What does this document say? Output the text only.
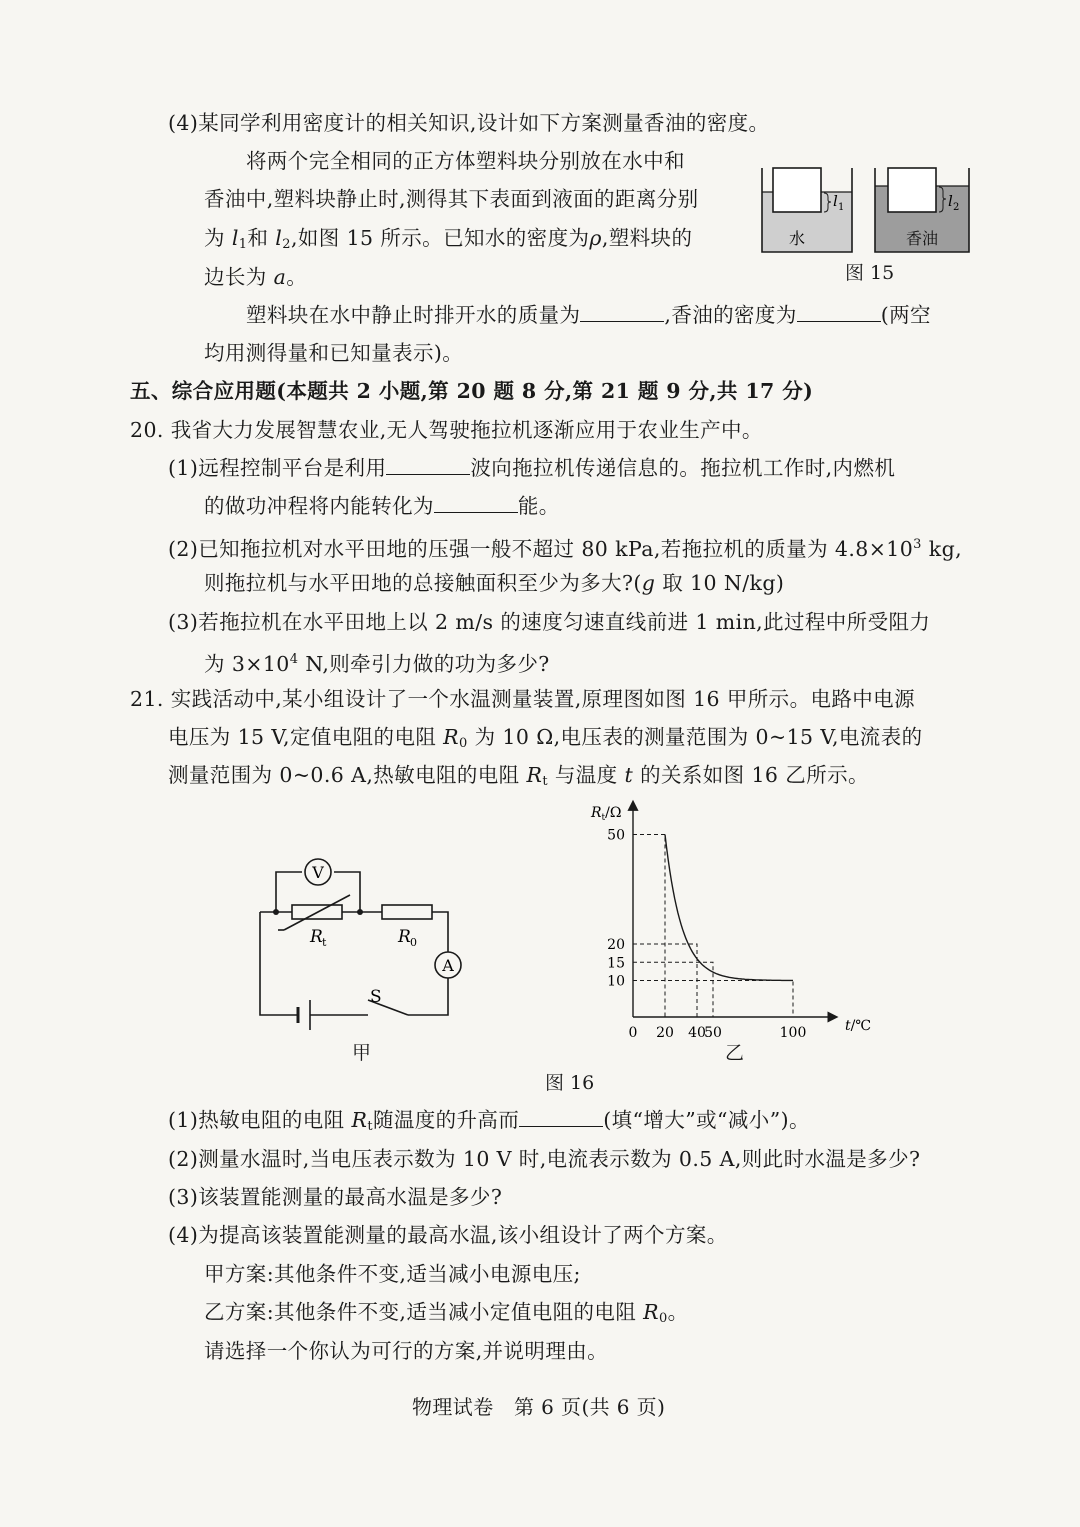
(4)某同学利用密度计的相关知识,设计如下方案测量香油的密度。
将两个完全相同的正方体塑料块分别放在水中和
香油中,塑料块静止时,测得其下表面到液面的距离分别
为 $l_1$和 $l_2$,如图 15 所示。已知水的密度为ρ,塑料块的
边长为 a。
l 1
水
l 2
香油
图 15
塑料块在水中静止时排开水的质量为	,香油的密度为	(两空
均用测得量和已知量表示)。
五、综合应用题(本题共 2 小题,第 20 题 8 分,第 21 题 9 分,共 17 分)
20. 我省大力发展智慧农业,无人驾驶拖拉机逐渐应用于农业生产中。
(1)远程控制平台是利用	波向拖拉机传递信息的。拖拉机工作时,内燃机
的做功冲程将内能转化为	能。
(2)已知拖拉机对水平田地的压强一般不超过 80 kPa,若拖拉机的质量为 $4.8\times 10^3$ kg,
则拖拉机与水平田地的总接触面积至少为多大?(g 取 10 N/kg)
(3)若拖拉机在水平田地上以 2 m/s 的速度匀速直线前进 1 min,此过程中所受阻力
为 $3\times 10^4$ N,则牵引力做的功为多少?
21. 实践活动中,某小组设计了一个水温测量装置,原理图如图 16 甲所示。电路中电源
电压为 15 V,定值电阻的电阻 $R_0$ 为 10 Ω,电压表的测量范围为 0~15 V,电流表的
测量范围为 0~0.6 A,热敏电阻的电阻 $R_t$ 与温度 t 的关系如图 16 乙所示。
V
A
S
R t	R 0
甲
0 20 40
50	100
10
15
20
50
$R_t/\Omega$
t/℃
乙
图 16
(1)热敏电阻的电阻 $R_t$随温度的升高而	(填“增大”或“减小”)。
(2)测量水温时,当电压表示数为 10 V 时,电流表示数为 0.5 A,则此时水温是多少?
(3)该装置能测量的最高水温是多少?
(4)为提高该装置能测量的最高水温,该小组设计了两个方案。
甲方案:其他条件不变,适当减小电源电压;
乙方案:其他条件不变,适当减小定值电阻的电阻 $R_0$。
请选择一个你认为可行的方案,并说明理由。
物理试卷　第 6 页(共 6 页)
